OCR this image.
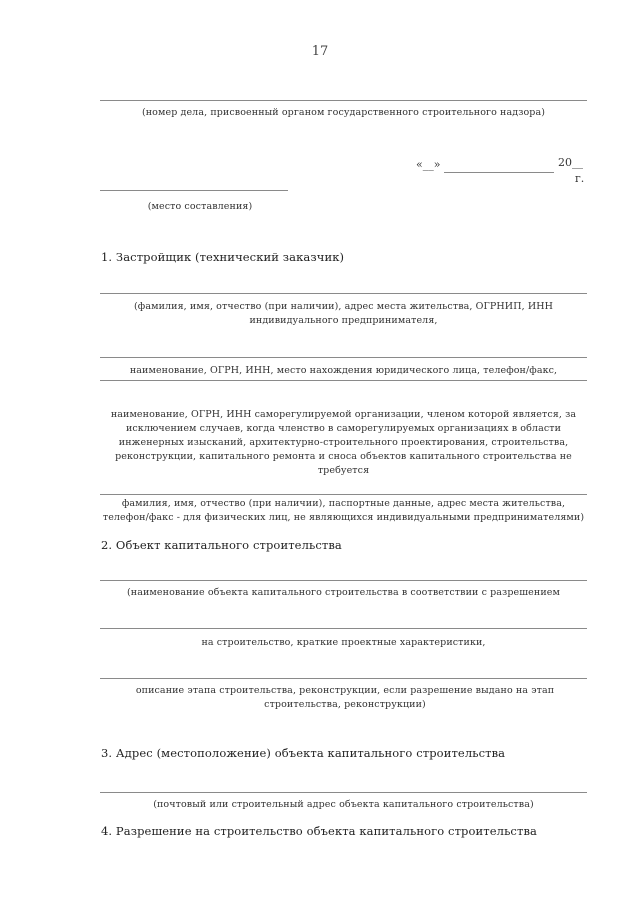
17
(номер дела, присвоенный органом государственного строительного надзора)
«__»	20__
г.
(место составления)
1. Застройщик (технический заказчик)
(фамилия, имя, отчество (при наличии), адрес места жительства, ОГРНИП, ИНН индивидуального предпринимателя,
наименование, ОГРН, ИНН, место нахождения юридического лица, телефон/факс,
наименование, ОГРН, ИНН саморегулируемой организации, членом которой является, за исключением случаев, когда членство в саморегулируемых организациях в области инженерных изысканий, архитектурно-строительного проектирования, строительства, реконструкции, капитального ремонта и сноса объектов капитального строительства не требуется
фамилия, имя, отчество (при наличии), паспортные данные, адрес места жительства, телефон/факс - для физических лиц, не являющихся индивидуальными предпринимателями)
2. Объект капитального строительства
(наименование объекта капитального строительства в соответствии с разрешением
на строительство, краткие проектные характеристики,
описание этапа строительства, реконструкции, если разрешение выдано на этап строительства, реконструкции)
3. Адрес (местоположение) объекта капитального строительства
(почтовый или строительный адрес объекта капитального строительства)
4. Разрешение на строительство объекта капитального строительства
